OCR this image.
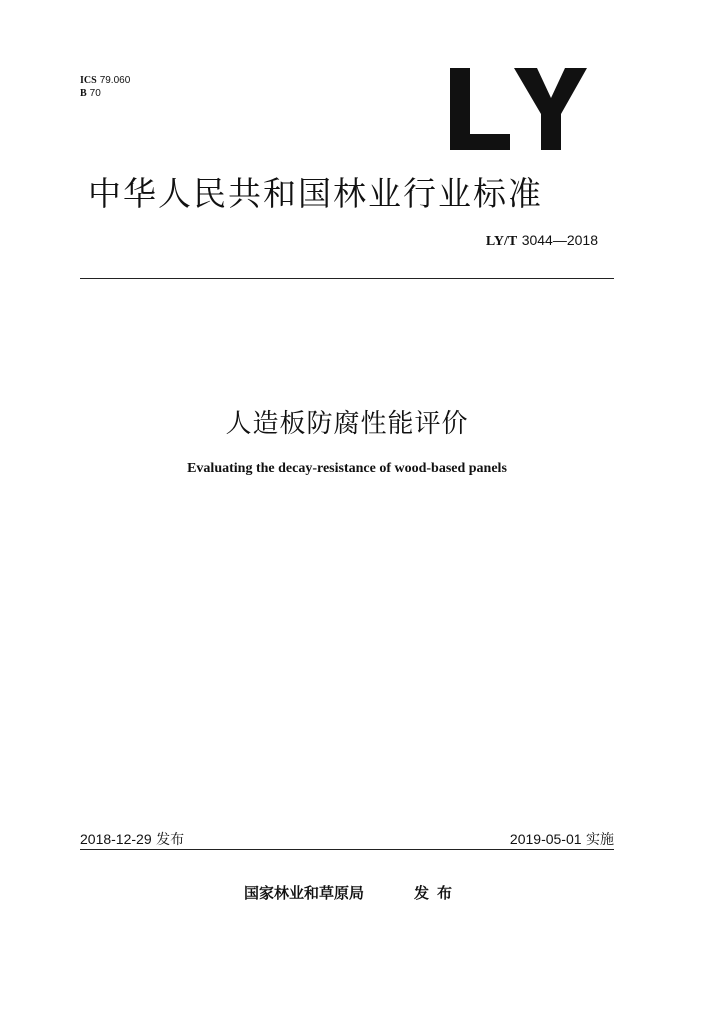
ICS 79.060
B 70
中华人民共和国林业行业标准
LY/T 3044—2018
人造板防腐性能评价
Evaluating the decay-resistance of wood-based panels
2018-12-29 发布	2019-05-01 实施
国家林业和草原局	发布
